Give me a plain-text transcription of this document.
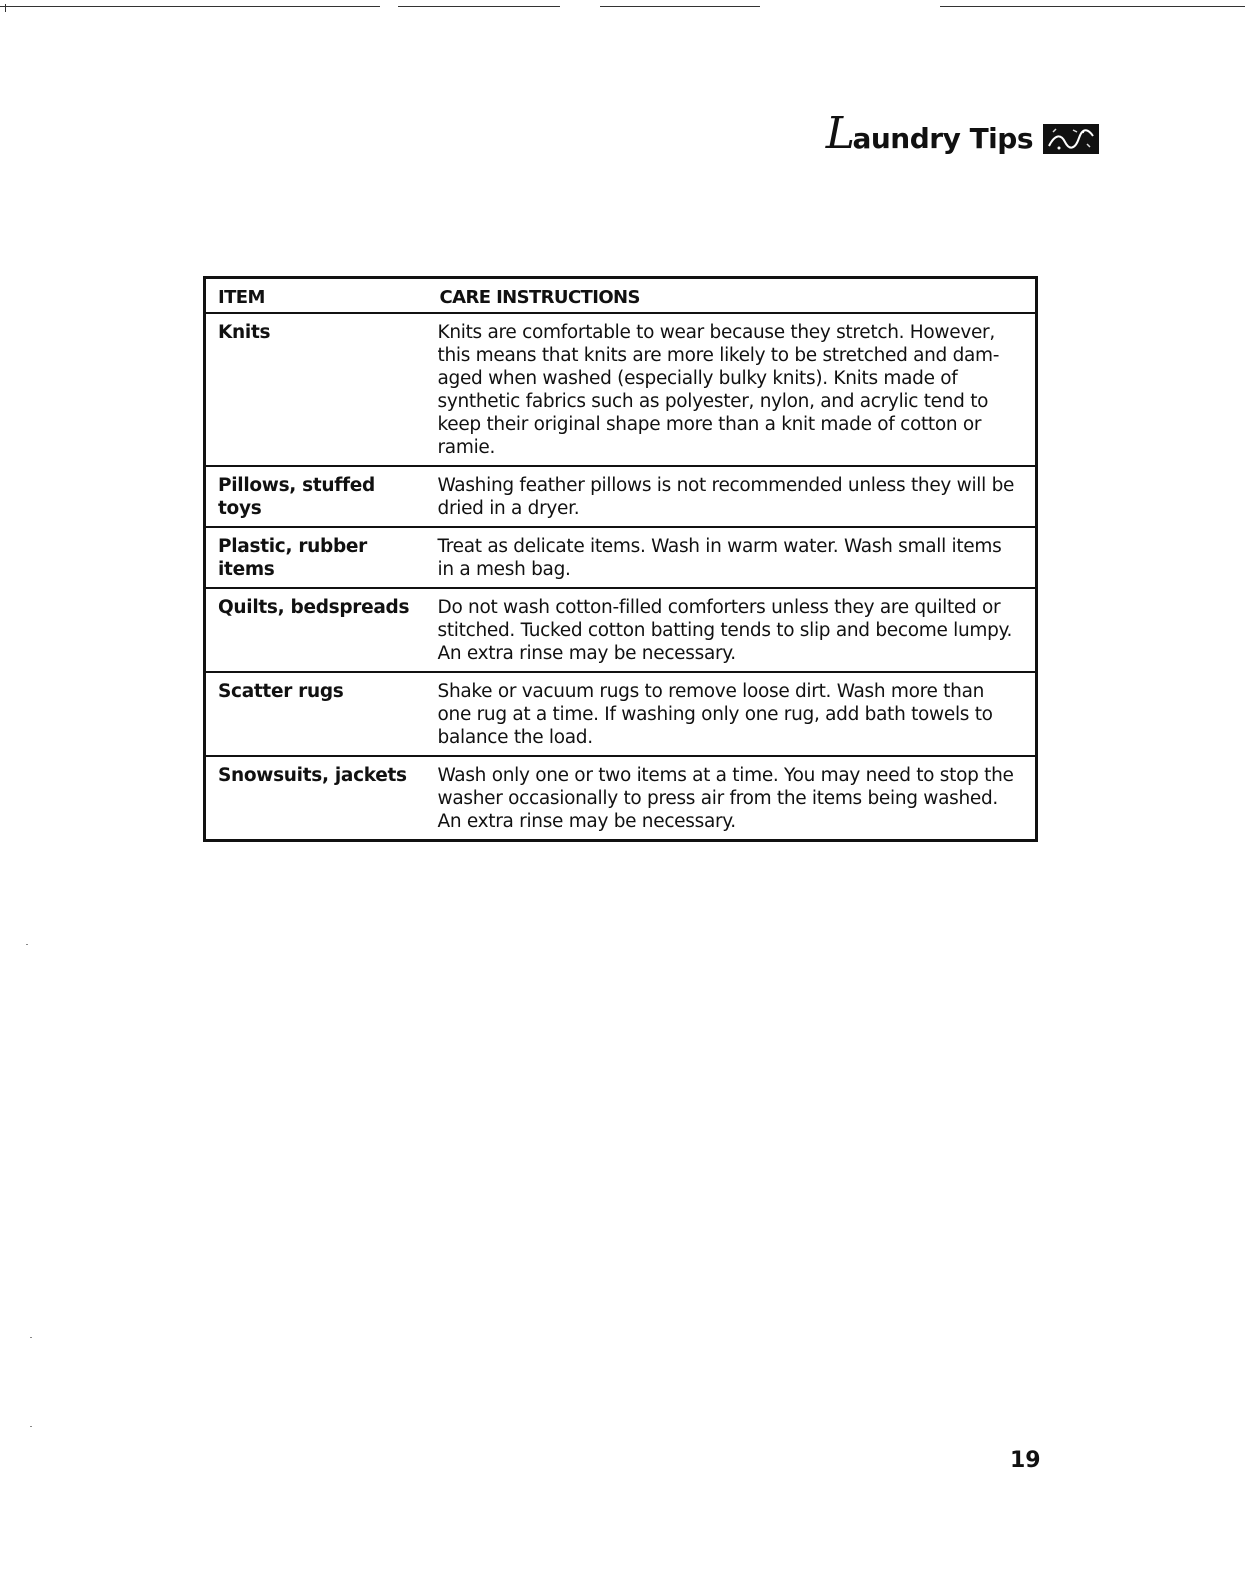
Laundry Tips
ITEM	CARE INSTRUCTIONS
Knits	Knits are comfortable to wear because they stretch. However, this means that knits are more likely to be stretched and dam- aged when washed (especially bulky knits). Knits made of synthetic fabrics such as polyester, nylon, and acrylic tend to keep their original shape more than a knit made of cotton or ramie.
Pillows, stuffed toys	Washing feather pillows is not recommended unless they will be dried in a dryer.
Plastic, rubber items	Treat as delicate items. Wash in warm water. Wash small items in a mesh bag.
Quilts, bedspreads	Do not wash cotton-filled comforters unless they are quilted or stitched. Tucked cotton batting tends to slip and become lumpy. An extra rinse may be necessary.
Scatter rugs	Shake or vacuum rugs to remove loose dirt. Wash more than one rug at a time. If washing only one rug, add bath towels to balance the load.
Snowsuits, jackets	Wash only one or two items at a time. You may need to stop the washer occasionally to press air from the items being washed. An extra rinse may be necessary.
19
